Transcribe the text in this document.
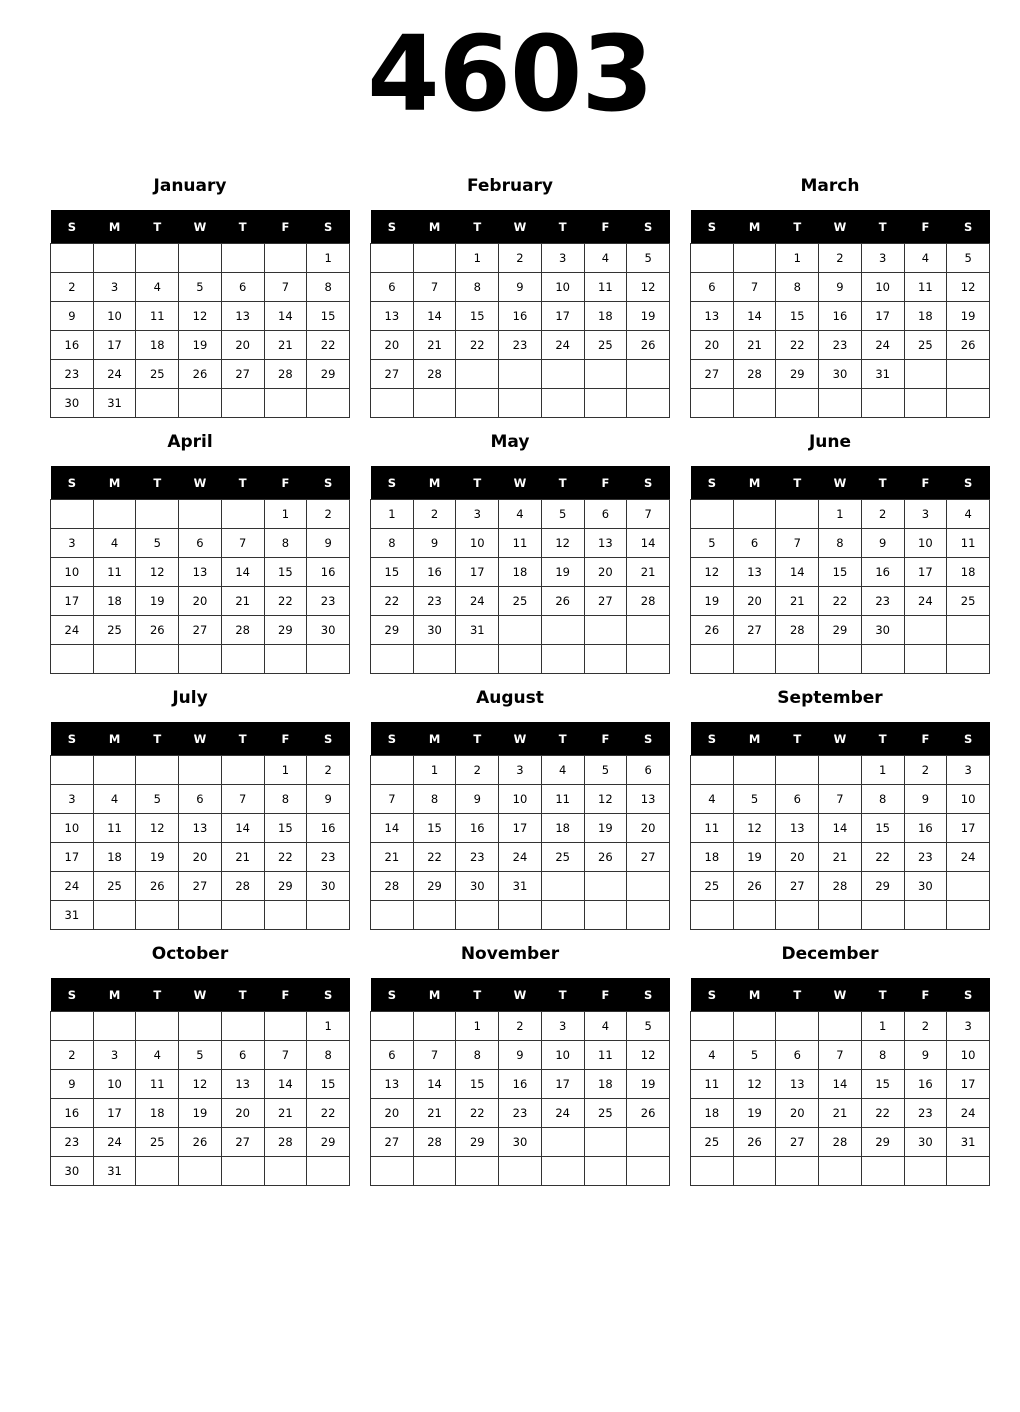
4603
January
S	M	T	W	T	F	S
						1
2	3	4	5	6	7	8
9	10	11	12	13	14	15
16	17	18	19	20	21	22
23	24	25	26	27	28	29
30	31					
February
S	M	T	W	T	F	S
		1	2	3	4	5
6	7	8	9	10	11	12
13	14	15	16	17	18	19
20	21	22	23	24	25	26
27	28					

March
S	M	T	W	T	F	S
		1	2	3	4	5
6	7	8	9	10	11	12
13	14	15	16	17	18	19
20	21	22	23	24	25	26
27	28	29	30	31		

April
S	M	T	W	T	F	S
					1	2
3	4	5	6	7	8	9
10	11	12	13	14	15	16
17	18	19	20	21	22	23
24	25	26	27	28	29	30

May
S	M	T	W	T	F	S
1	2	3	4	5	6	7
8	9	10	11	12	13	14
15	16	17	18	19	20	21
22	23	24	25	26	27	28
29	30	31				

June
S	M	T	W	T	F	S
			1	2	3	4
5	6	7	8	9	10	11
12	13	14	15	16	17	18
19	20	21	22	23	24	25
26	27	28	29	30		

July
S	M	T	W	T	F	S
					1	2
3	4	5	6	7	8	9
10	11	12	13	14	15	16
17	18	19	20	21	22	23
24	25	26	27	28	29	30
31						
August
S	M	T	W	T	F	S
	1	2	3	4	5	6
7	8	9	10	11	12	13
14	15	16	17	18	19	20
21	22	23	24	25	26	27
28	29	30	31			

September
S	M	T	W	T	F	S
				1	2	3
4	5	6	7	8	9	10
11	12	13	14	15	16	17
18	19	20	21	22	23	24
25	26	27	28	29	30	

October
S	M	T	W	T	F	S
						1
2	3	4	5	6	7	8
9	10	11	12	13	14	15
16	17	18	19	20	21	22
23	24	25	26	27	28	29
30	31					
November
S	M	T	W	T	F	S
		1	2	3	4	5
6	7	8	9	10	11	12
13	14	15	16	17	18	19
20	21	22	23	24	25	26
27	28	29	30			

December
S	M	T	W	T	F	S
				1	2	3
4	5	6	7	8	9	10
11	12	13	14	15	16	17
18	19	20	21	22	23	24
25	26	27	28	29	30	31
